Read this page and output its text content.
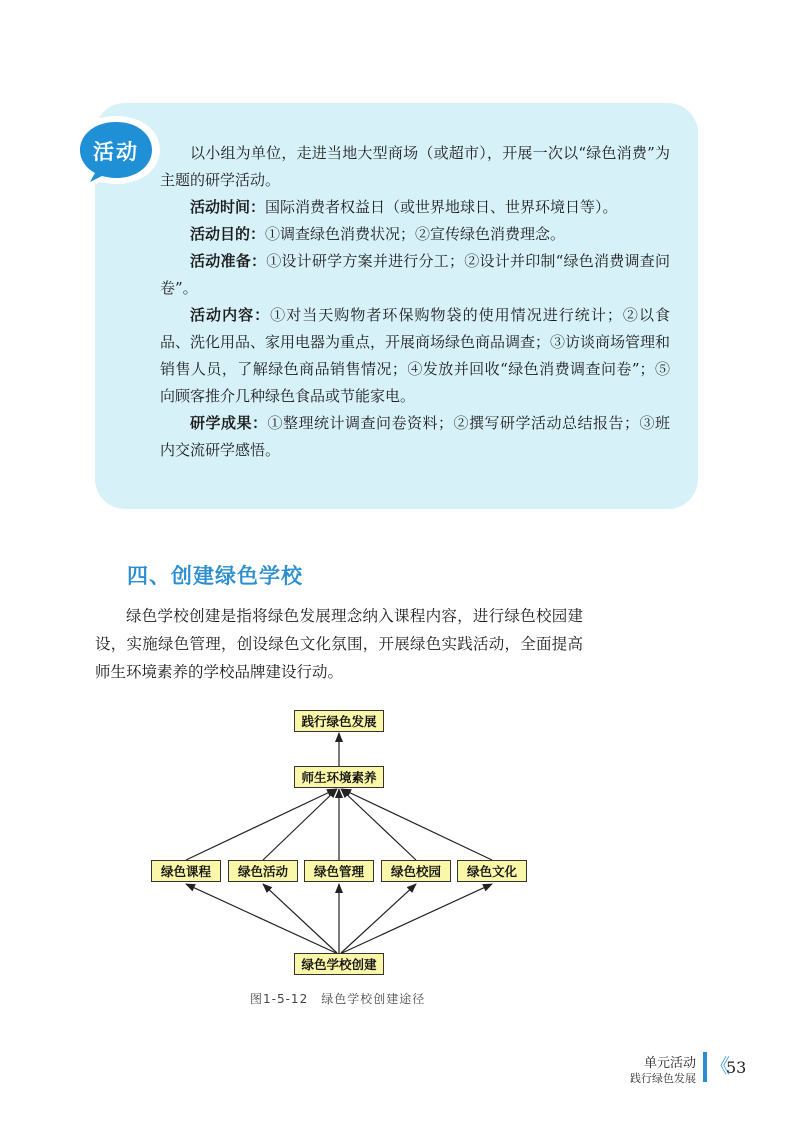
活动	以小组为单位，走进当地大型商场（或超市），开展一次以“绿色消费”为主题的研学活动。

活动时间：国际消费者权益日（或世界地球日、世界环境日等）。

活动目的：①调查绿色消费状况；②宣传绿色消费理念。

活动准备：①设计研学方案并进行分工；②设计并印制“绿色消费调查问卷”。

活动内容：①对当天购物者环保购物袋的使用情况进行统计；②以食品、洗化用品、家用电器为重点，开展商场绿色商品调查；③访谈商场管理和销售人员，了解绿色商品销售情况；④发放并回收“绿色消费调查问卷”；⑤向顾客推介几种绿色食品或节能家电。

研学成果：①整理统计调查问卷资料；②撰写研学活动总结报告；③班内交流研学感悟。

四、创建绿色学校
绿色学校创建是指将绿色发展理念纳入课程内容，进行绿色校园建设，实施绿色管理，创设绿色文化氛围，开展绿色实践活动，全面提高师生环境素养的学校品牌建设行动。
践行绿色发展
师生环境素养
绿色课程	绿色活动	绿色管理	绿色校园	绿色文化
绿色学校创建
图1-5-12　绿色学校创建途径
单元活动
践行绿色发展
《
53
